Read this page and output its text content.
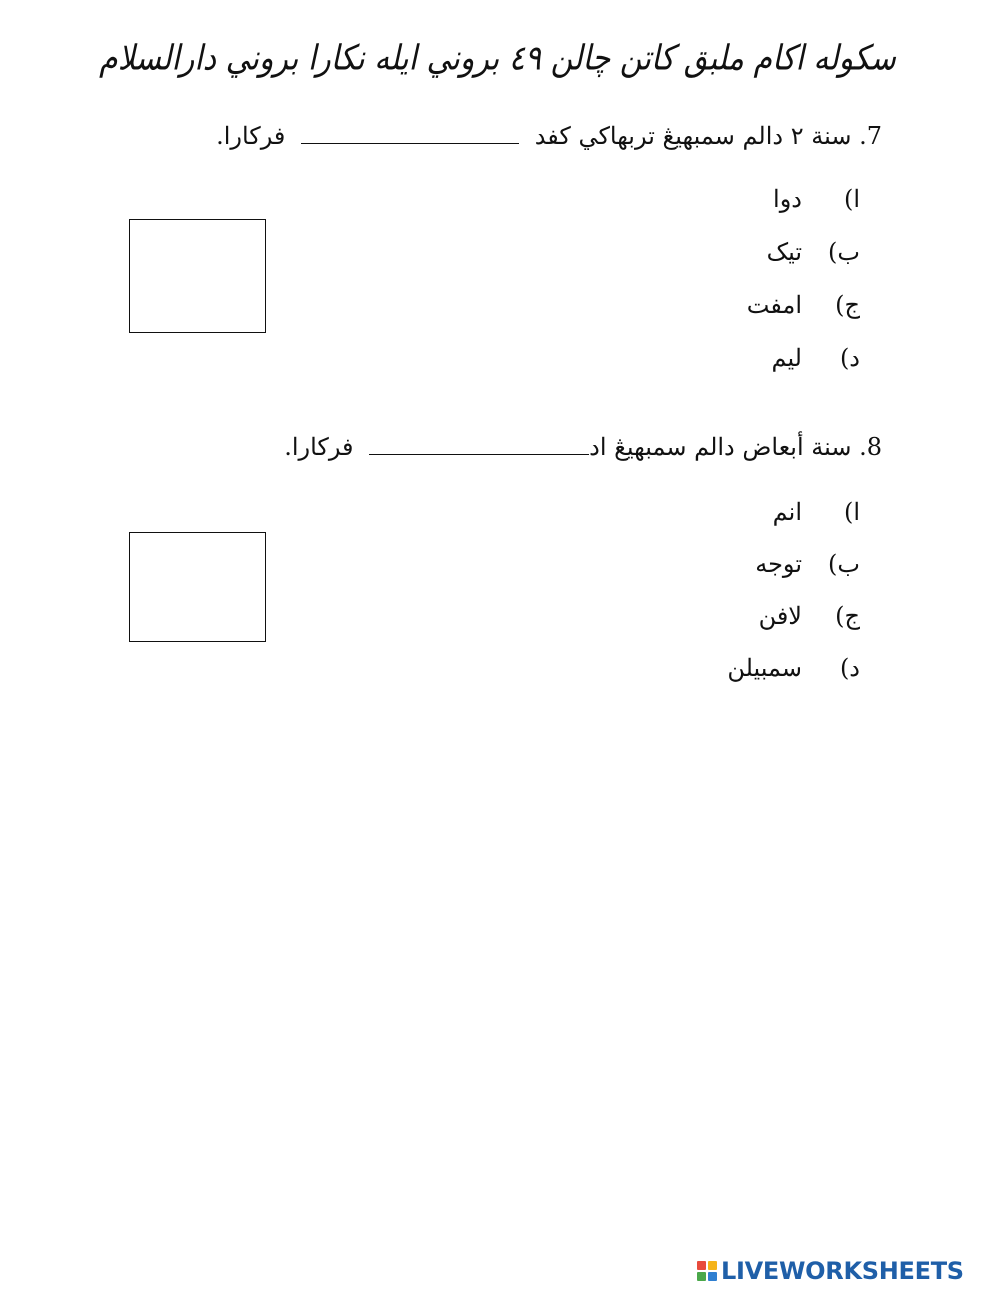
سکوله اکام ملبق کاتن چالن ٤٩ بروني ايله نکارا بروني دارالسلام
7. سنة ٢ دالم سمبهيڠ تربهاکي کفد  فرکارا.
ا)
دوا
ب)
تيک
ج)
امفت
د)
ليم
8. سنة أبعاض دالم سمبهيڠ اد فرکارا.
ا)
انم
ب)
توجه
ج)
لافن
د)
سمبيلن
LIVEWORKSHEETS
